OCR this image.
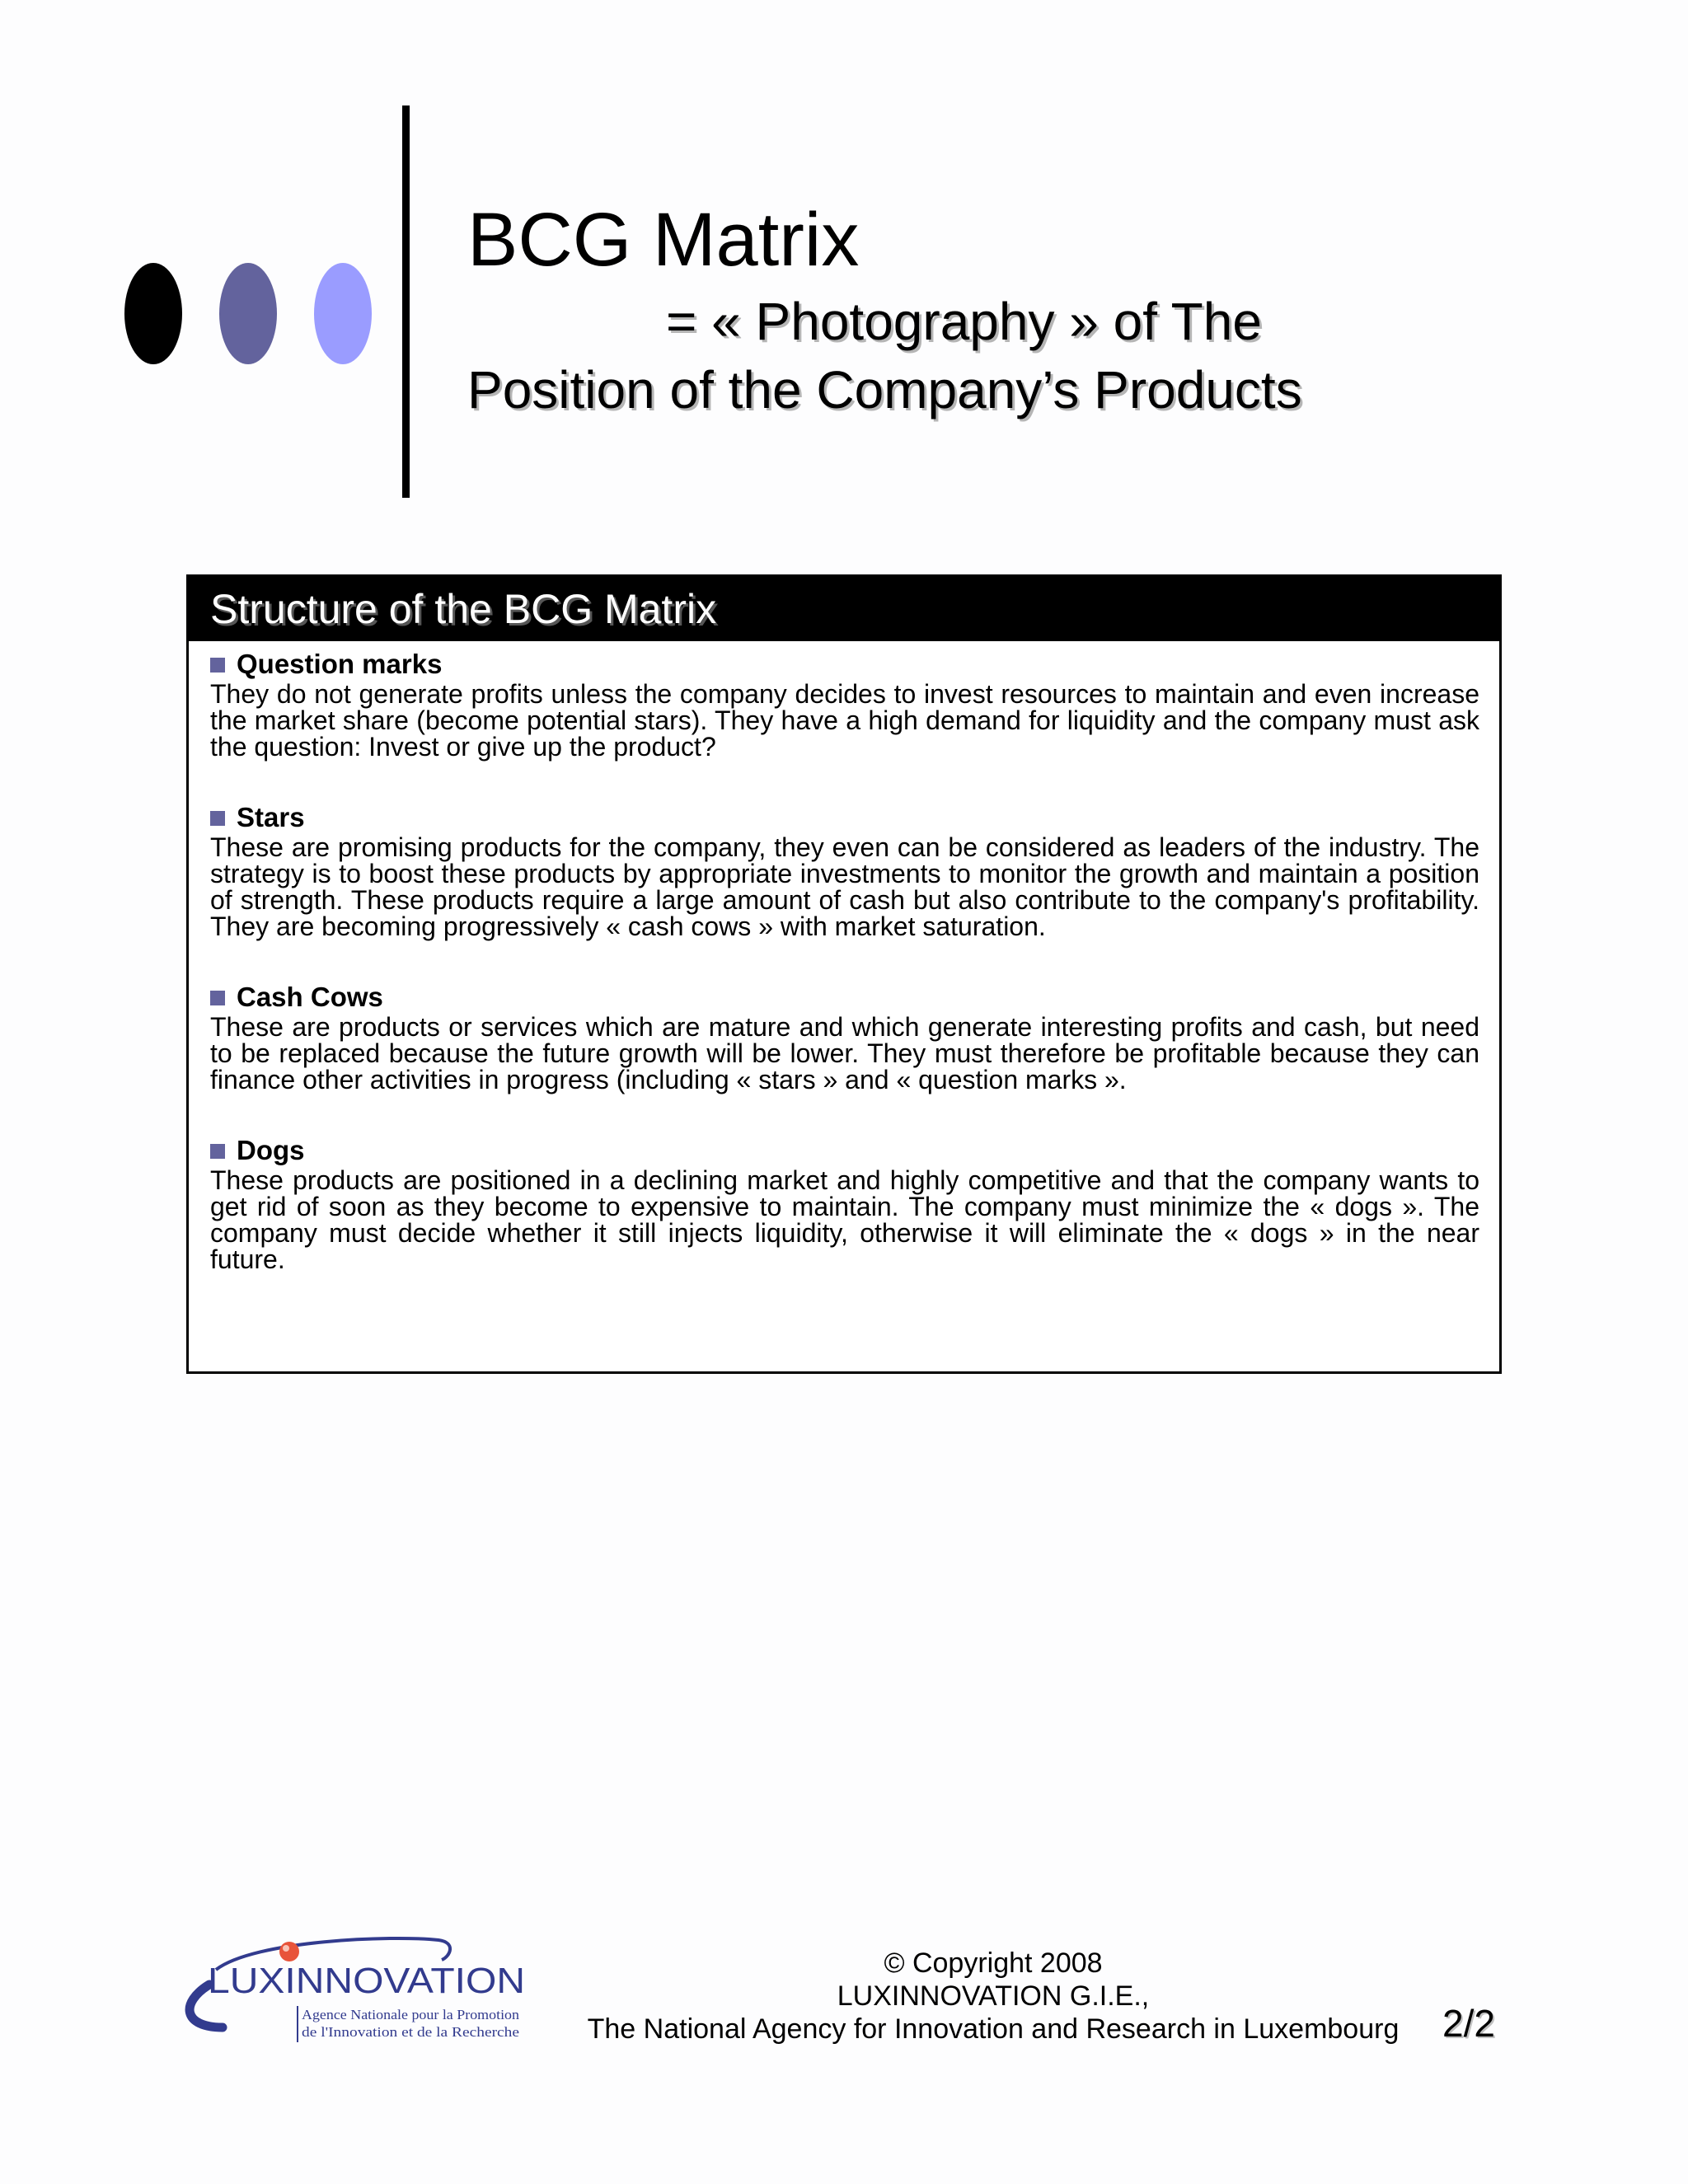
BCG Matrix
= « Photography » of The
Position of the Company’s Products
Structure of the BCG Matrix
Question marks

They do not generate profits unless the company decides to invest resources to maintain and even increase the market share (become potential stars). They have a high demand for liquidity and the company must ask the question: Invest or give up the product?

Stars

These are promising products for the company, they even can be considered as leaders of the industry. The strategy is to boost these products by appropriate investments to monitor the growth and maintain a position of strength. These products require a large amount of cash but also contribute to the company's profitability. They are becoming progressively « cash cows » with market saturation.

Cash Cows

These are products or services which are mature and which generate interesting profits and cash, but need to be replaced because the future growth will be lower. They must therefore be profitable because they can finance other activities in progress (including « stars » and « question marks ».

Dogs

These products are positioned in a declining market and highly competitive and that the company wants to get rid of soon as they become to expensive to maintain. The company must minimize the « dogs ». The company must decide whether it still injects liquidity, otherwise it will eliminate the « dogs » in the near future.

LUXINNOVATION
Agence Nationale pour la Promotion
de l'Innovation et de la Recherche
© Copyright 2008
LUXINNOVATION G.I.E.,
The National Agency for Innovation and Research in Luxembourg 2/2
